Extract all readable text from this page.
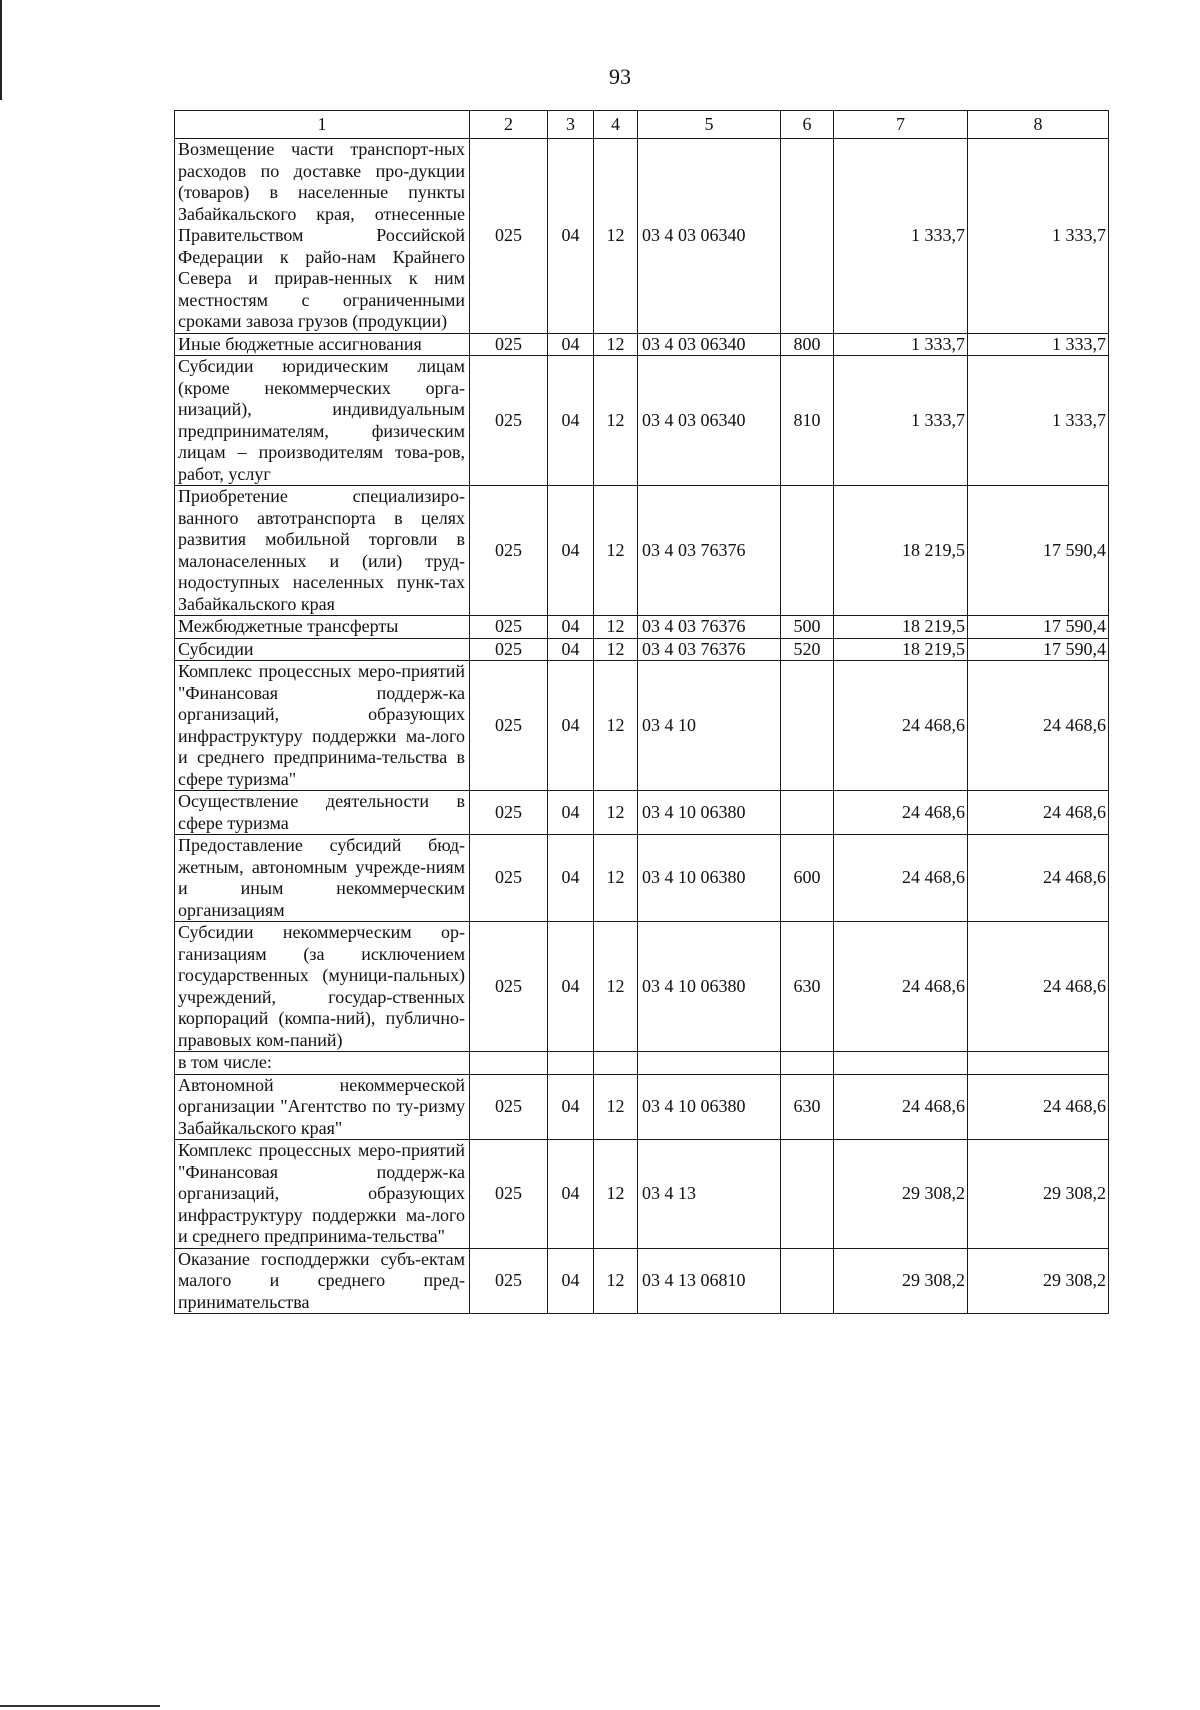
93
1	2	3	4	5	6	7	8
Возмещение части транспорт-ных расходов по доставке про-дукции (товаров) в населенные пункты Забайкальского края, отнесенные Правительством Российской Федерации к райо-нам Крайнего Севера и прирав-ненных к ним местностям с ограниченными сроками завоза грузов (продукции)	025	04	12	03 4 03 06340		1 333,7	1 333,7
Иные бюджетные ассигнования	025	04	12	03 4 03 06340	800	1 333,7	1 333,7
Субсидии юридическим лицам (кроме некоммерческих орга-низаций), индивидуальным предпринимателям, физическим лицам – производителям това-ров, работ, услуг	025	04	12	03 4 03 06340	810	1 333,7	1 333,7
Приобретение специализиро-ванного автотранспорта в целях развития мобильной торговли в малонаселенных и (или) труд-нодоступных населенных пунк-тах Забайкальского края	025	04	12	03 4 03 76376		18 219,5	17 590,4
Межбюджетные трансферты	025	04	12	03 4 03 76376	500	18 219,5	17 590,4
Субсидии	025	04	12	03 4 03 76376	520	18 219,5	17 590,4
Комплекс процессных меро-приятий "Финансовая поддерж-ка организаций, образующих инфраструктуру поддержки ма-лого и среднего предпринима-тельства в сфере туризма"	025	04	12	03 4 10		24 468,6	24 468,6
Осуществление деятельности в сфере туризма	025	04	12	03 4 10 06380		24 468,6	24 468,6
Предоставление субсидий бюд-жетным, автономным учрежде-ниям и иным некоммерческим организациям	025	04	12	03 4 10 06380	600	24 468,6	24 468,6
Субсидии некоммерческим ор-ганизациям (за исключением государственных (муници-пальных) учреждений, государ-ственных корпораций (компа-ний), публично-правовых ком-паний)	025	04	12	03 4 10 06380	630	24 468,6	24 468,6
в том числе:							
Автономной некоммерческой организации "Агентство по ту-ризму Забайкальского края"	025	04	12	03 4 10 06380	630	24 468,6	24 468,6
Комплекс процессных меро-приятий "Финансовая поддерж-ка организаций, образующих инфраструктуру поддержки ма-лого и среднего предпринима-тельства"	025	04	12	03 4 13		29 308,2	29 308,2
Оказание господдержки субъ-ектам малого и среднего пред-принимательства	025	04	12	03 4 13 06810		29 308,2	29 308,2
